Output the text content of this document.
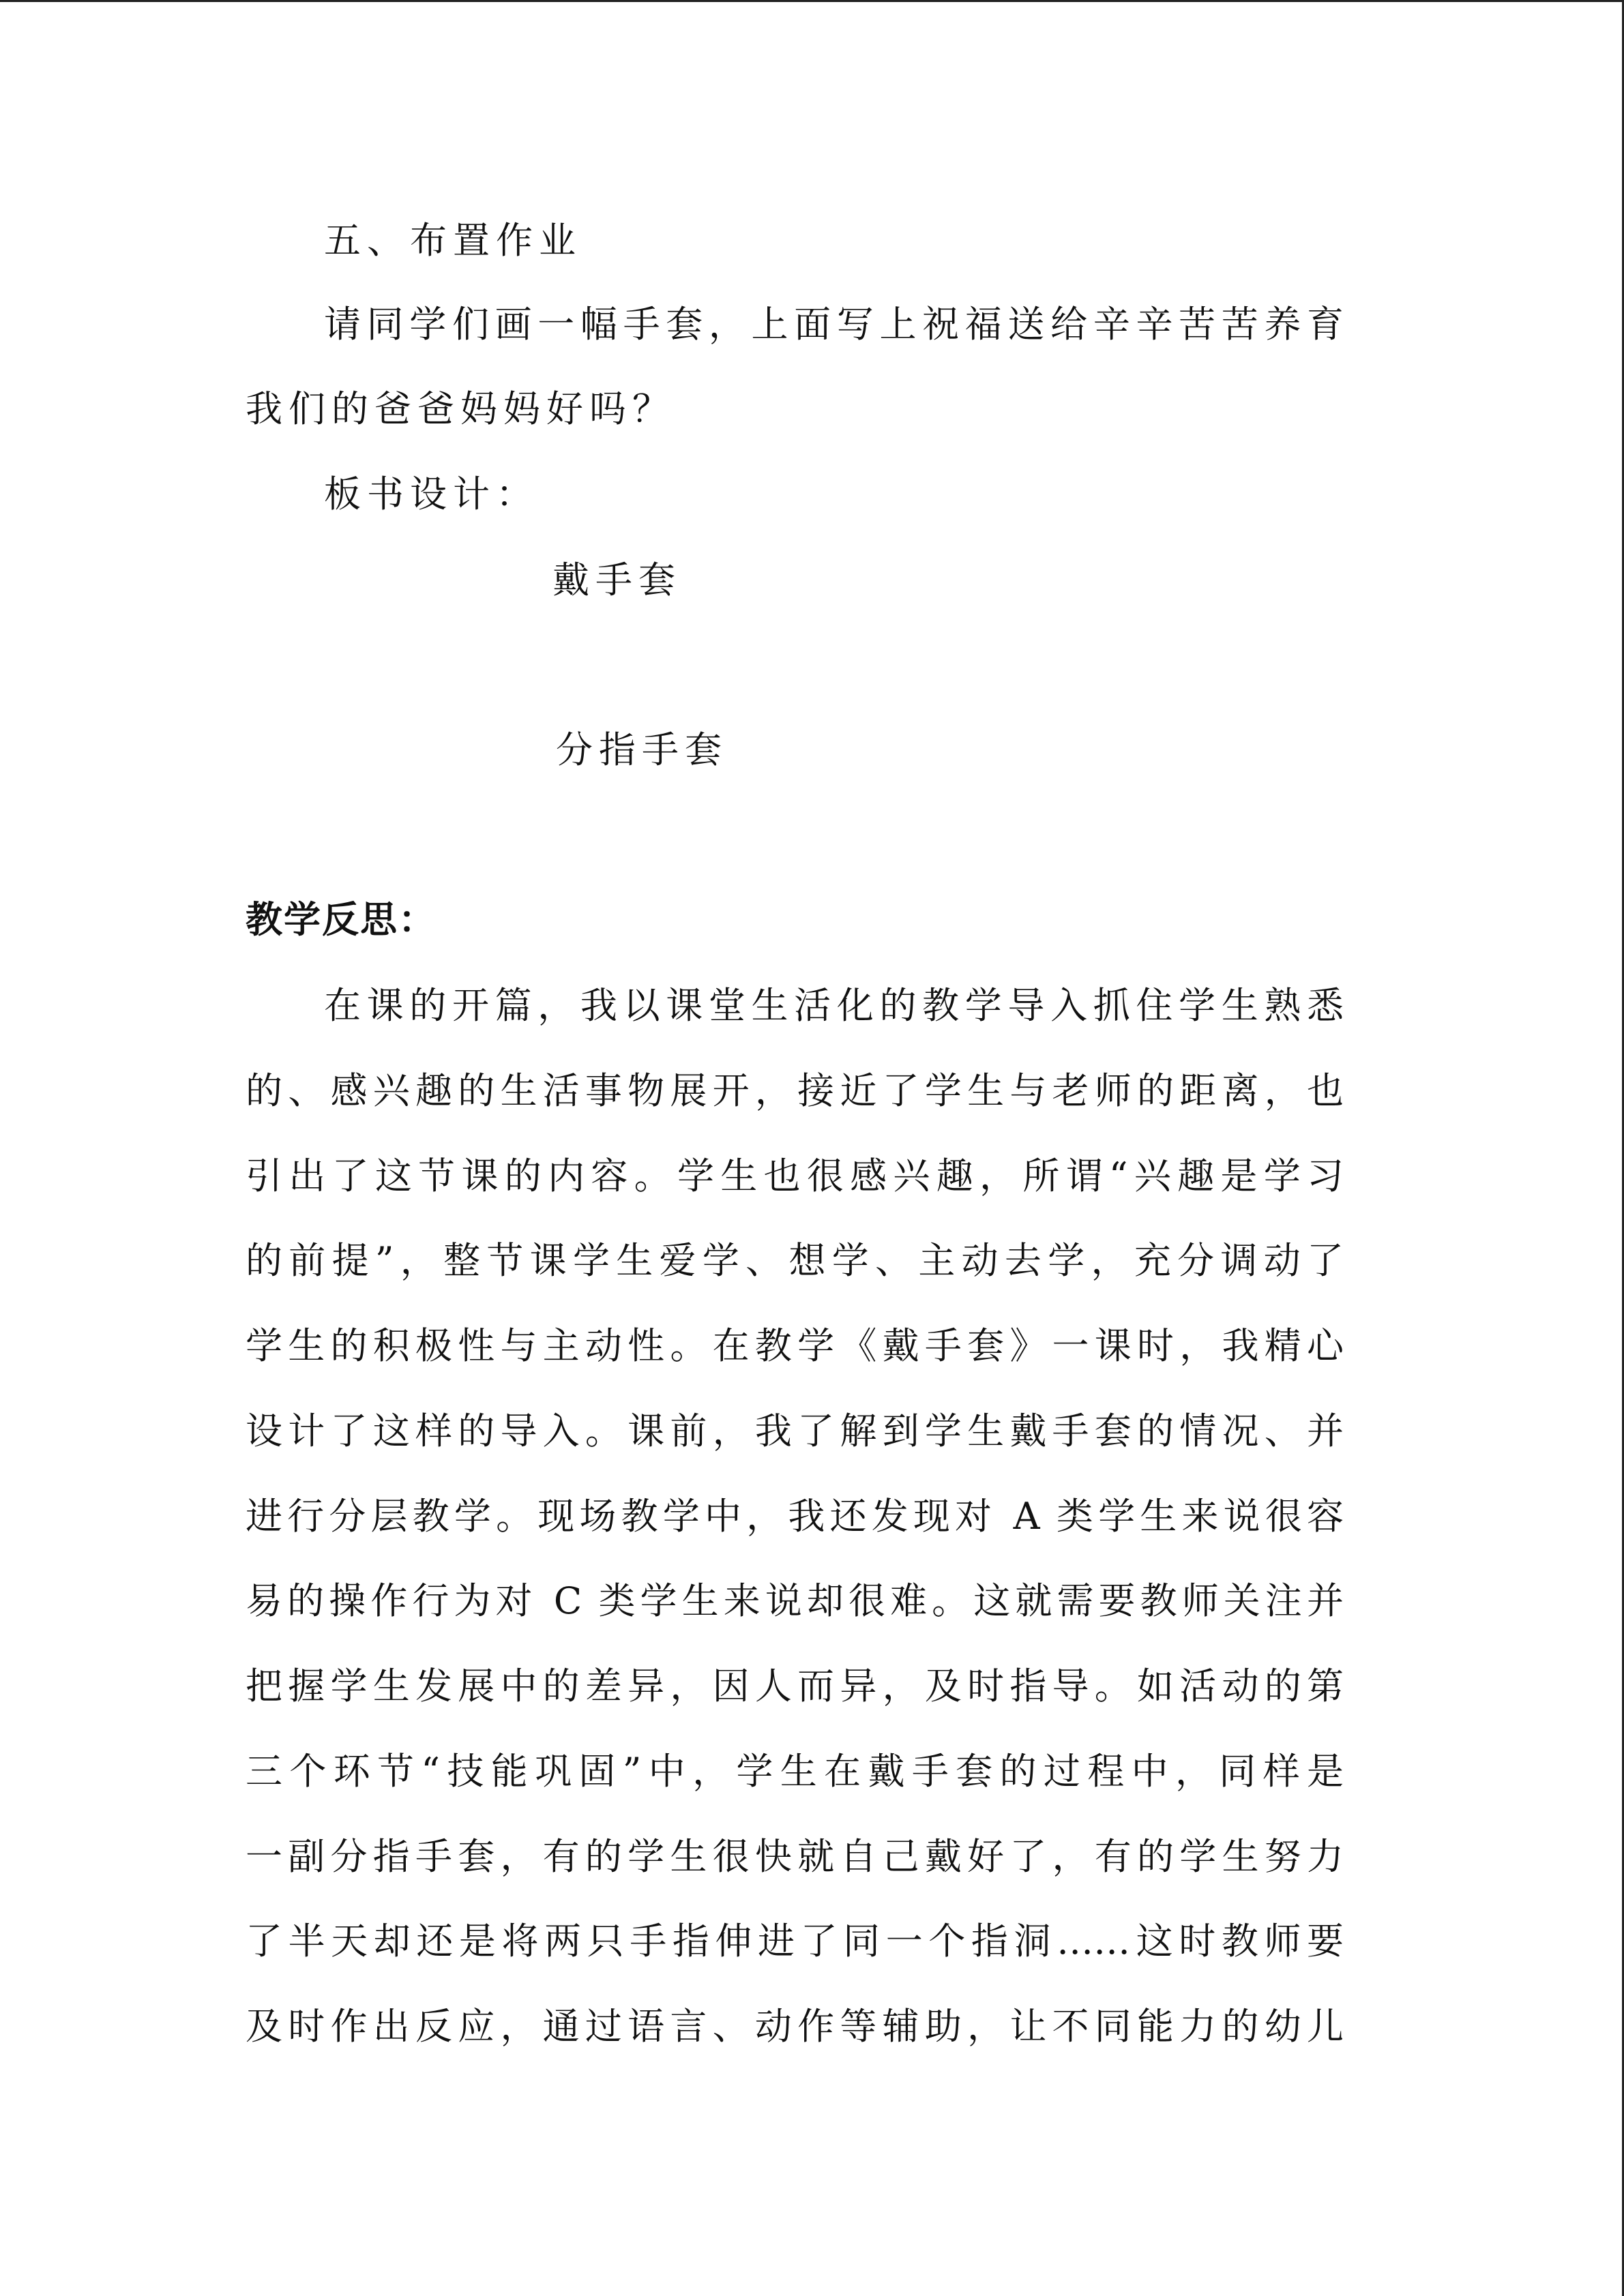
五、布置作业
请同学们画一幅手套，上面写上祝福送给辛辛苦苦养育
我们的爸爸妈妈好吗？
板书设计：
戴手套
分指手套
教学反思：
在课的开篇，我以课堂生活化的教学导入抓住学生熟悉
的、感兴趣的生活事物展开，接近了学生与老师的距离，也
引出了这节课的内容。学生也很感兴趣，所谓“兴趣是学习
的前提”，整节课学生爱学、想学、主动去学，充分调动了
学生的积极性与主动性。在教学《戴手套》一课时，我精心
设计了这样的导入。课前，我了解到学生戴手套的情况、并
进行分层教学。现场教学中，我还发现对 A 类学生来说很容
易的操作行为对 C 类学生来说却很难。这就需要教师关注并
把握学生发展中的差异，因人而异，及时指导。如活动的第
三个环节“技能巩固”中，学生在戴手套的过程中，同样是
一副分指手套，有的学生很快就自己戴好了，有的学生努力
了半天却还是将两只手指伸进了同一个指洞……这时教师要
及时作出反应，通过语言、动作等辅助，让不同能力的幼儿
